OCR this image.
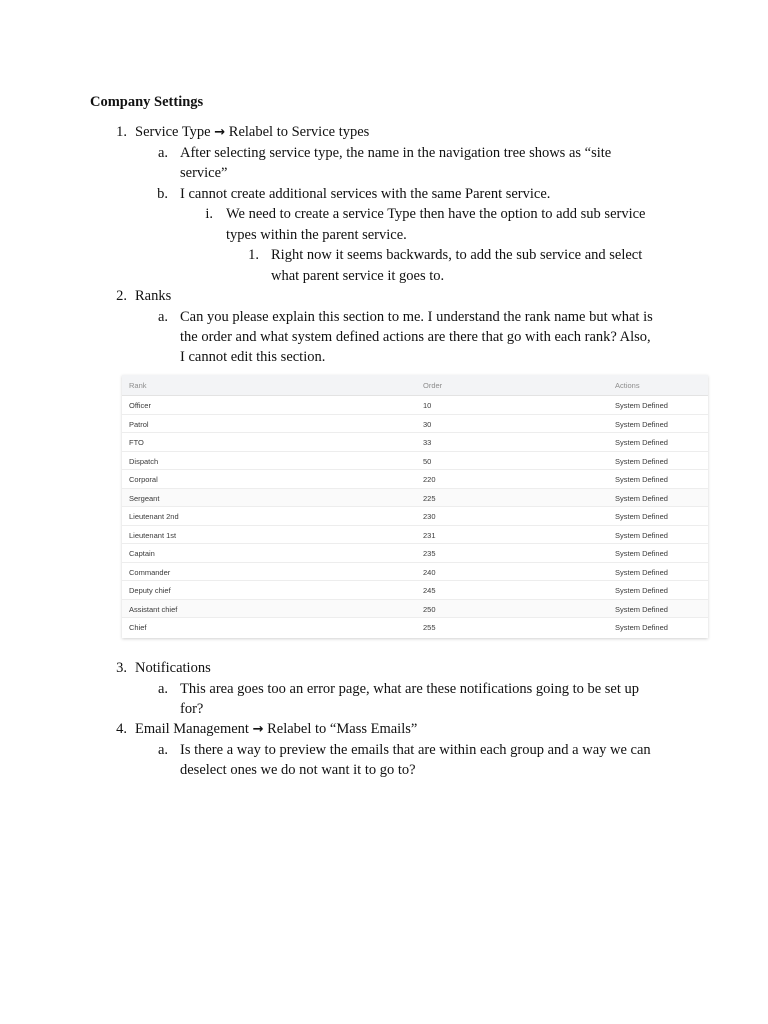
Company Settings
1. Service Type → Relabel to Service types
a. After selecting service type, the name in the navigation tree shows as “site
service”
b. I cannot create additional services with the same Parent service.
i. We need to create a service Type then have the option to add sub service
types within the parent service.
1. Right now it seems backwards, to add the sub service and select
what parent service it goes to.
2. Ranks
a. Can you please explain this section to me. I understand the rank name but what is
the order and what system defined actions are there that go with each rank? Also,
I cannot edit this section.
Rank	Order	Actions
Officer	10	System Defined
Patrol	30	System Defined
FTO	33	System Defined
Dispatch	50	System Defined
Corporal	220	System Defined
Sergeant	225	System Defined
Lieutenant 2nd	230	System Defined
Lieutenant 1st	231	System Defined
Captain	235	System Defined
Commander	240	System Defined
Deputy chief	245	System Defined
Assistant chief	250	System Defined
Chief	255	System Defined
3. Notifications
a. This area goes too an error page, what are these notifications going to be set up
for?
4. Email Management → Relabel to “Mass Emails”
a. Is there a way to preview the emails that are within each group and a way we can
deselect ones we do not want it to go to?
